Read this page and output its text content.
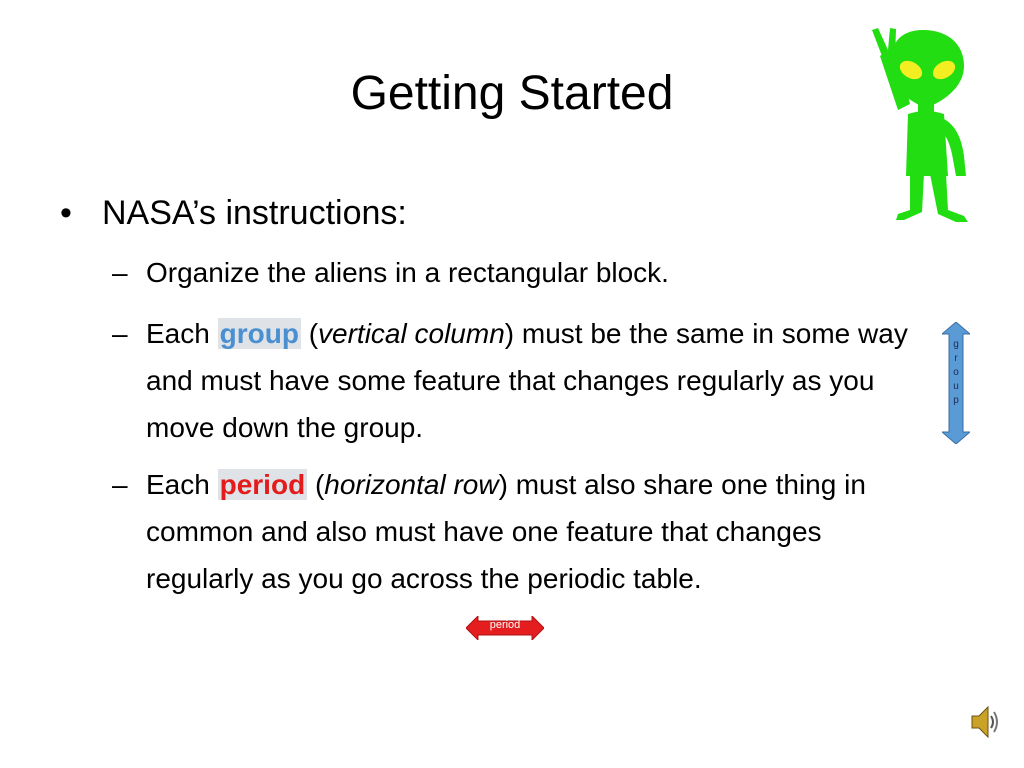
Getting Started
• NASA’s instructions:
– Organize the aliens in a rectangular block.
– Each group (vertical column) must be the same in some way and must have some feature that changes regularly as you move down the group.
– Each period (horizontal row) must also share one thing in common and also must have one feature that changes regularly as you go across the periodic table.
g
r
o
u
p
period
